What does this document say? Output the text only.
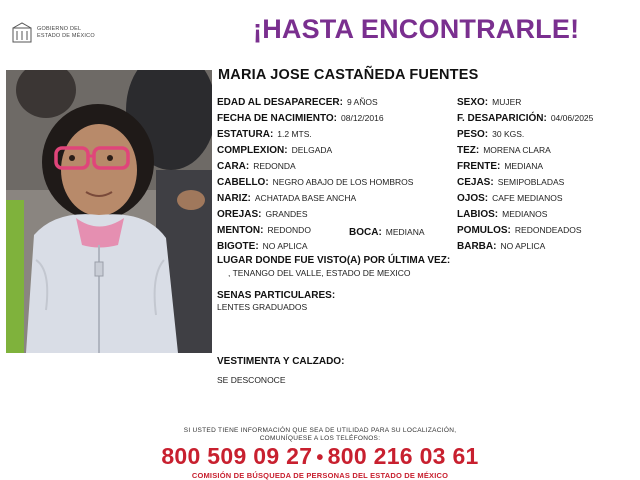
GOBIERNO DEL
ESTADO DE MÉXICO	¡HASTA ENCONTRARLE!
MARIA JOSE CASTAÑEDA FUENTES
EDAD AL DESAPARECER: 9 AÑOS
FECHA DE NACIMIENTO: 08/12/2016
ESTATURA: 1.2 MTS.
COMPLEXION: DELGADA
CARA: REDONDA
CABELLO: NEGRO ABAJO DE LOS HOMBROS
NARIZ: ACHATADA BASE ANCHA
OREJAS: GRANDES
MENTON: REDONDO	BOCA: MEDIANA
BIGOTE: NO APLICA
SEXO: MUJER
F. DESAPARICIÓN: 04/06/2025
PESO: 30 KGS.
TEZ: MORENA CLARA
FRENTE: MEDIANA
CEJAS: SEMIPOBLADAS
OJOS: CAFE MEDIANOS
LABIOS: MEDIANOS
POMULOS: REDONDEADOS
BARBA: NO APLICA
LUGAR DONDE FUE VISTO(A) POR ÚLTIMA VEZ:
, TENANGO DEL VALLE, ESTADO DE MEXICO
SENAS PARTICULARES:
LENTES GRADUADOS
VESTIMENTA Y CALZADO:
SE DESCONOCE
SI USTED TIENE INFORMACIÓN QUE SEA DE UTILIDAD PARA SU LOCALIZACIÓN,
COMUNÍQUESE A LOS TELÉFONOS:
800 509 09 27 • 800 216 03 61
COMISIÓN DE BÚSQUEDA DE PERSONAS DEL ESTADO DE MÉXICO
